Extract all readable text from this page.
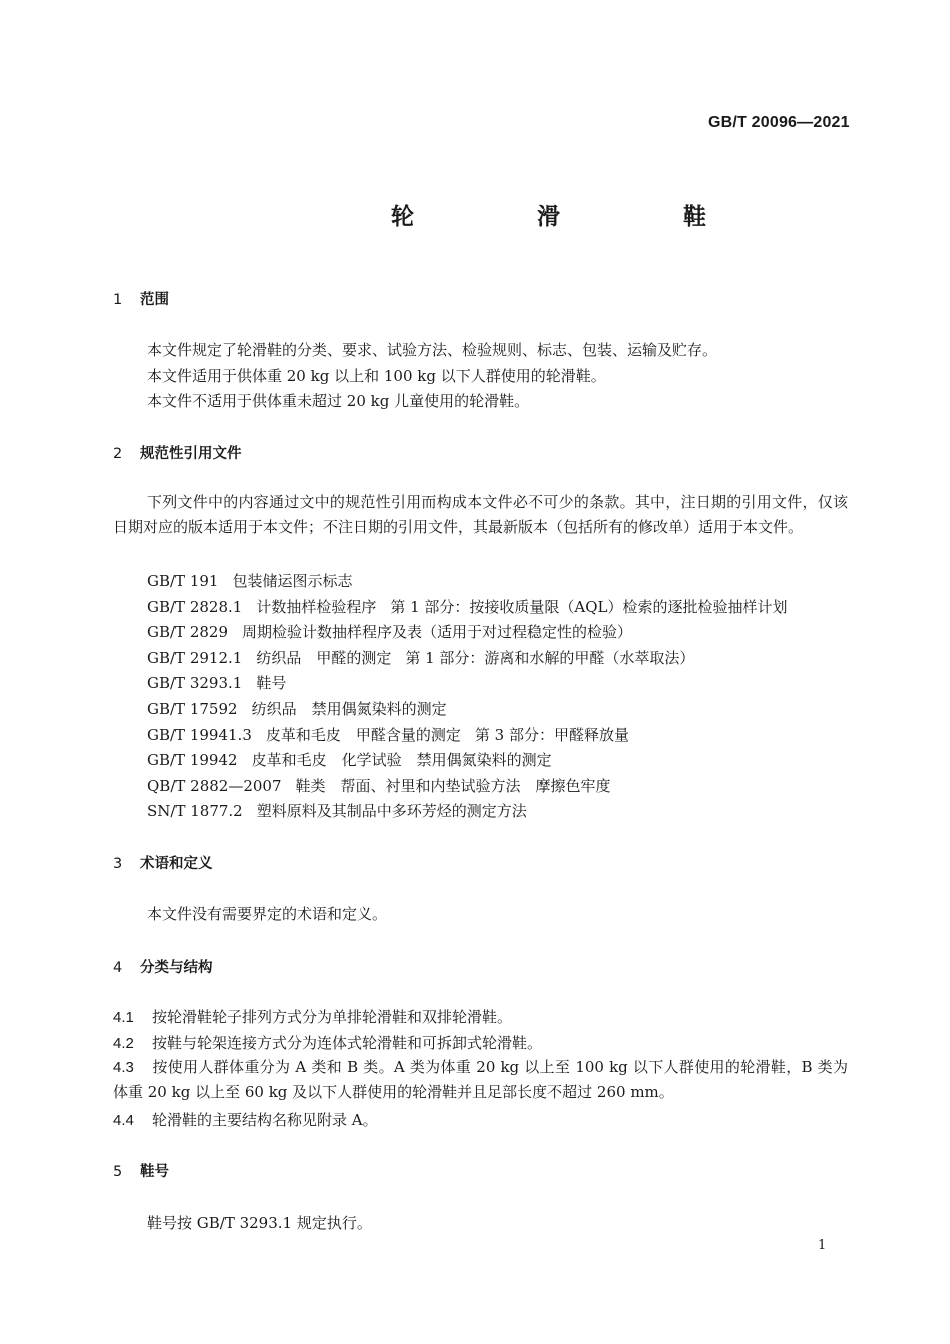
GB/T 20096—2021
轮　滑　鞋
1 范围
本文件规定了轮滑鞋的分类、要求、试验方法、检验规则、标志、包装、运输及贮存。
本文件适用于供体重 20 kg 以上和 100 kg 以下人群使用的轮滑鞋。
本文件不适用于供体重未超过 20 kg 儿童使用的轮滑鞋。
2 规范性引用文件

下列文件中的内容通过文中的规范性引用而构成本文件必不可少的条款。其中，注日期的引用文件，仅该日期对应的版本适用于本文件；不注日期的引用文件，其最新版本（包括所有的修改单）适用于本文件。

GB/T 191 包装储运图示标志
GB/T 2828.1 计数抽样检验程序 第 1 部分：按接收质量限（AQL）检索的逐批检验抽样计划
GB/T 2829 周期检验计数抽样程序及表（适用于对过程稳定性的检验）
GB/T 2912.1 纺织品　甲醛的测定 第 1 部分：游离和水解的甲醛（水萃取法）
GB/T 3293.1 鞋号
GB/T 17592 纺织品　禁用偶氮染料的测定
GB/T 19941.3 皮革和毛皮　甲醛含量的测定 第 3 部分：甲醛释放量
GB/T 19942 皮革和毛皮　化学试验　禁用偶氮染料的测定
QB/T 2882—2007 鞋类　帮面、衬里和内垫试验方法　摩擦色牢度
SN/T 1877.2 塑料原料及其制品中多环芳烃的测定方法
3 术语和定义
本文件没有需要界定的术语和定义。
4 分类与结构
4.1 按轮滑鞋轮子排列方式分为单排轮滑鞋和双排轮滑鞋。
4.2 按鞋与轮架连接方式分为连体式轮滑鞋和可拆卸式轮滑鞋。

4.3 按使用人群体重分为 A 类和 B 类。A 类为体重 20 kg 以上至 100 kg 以下人群使用的轮滑鞋，B 类为体重 20 kg 以上至 60 kg 及以下人群使用的轮滑鞋并且足部长度不超过 260 mm。

4.4 轮滑鞋的主要结构名称见附录 A。
5 鞋号
鞋号按 GB/T 3293.1 规定执行。
1
